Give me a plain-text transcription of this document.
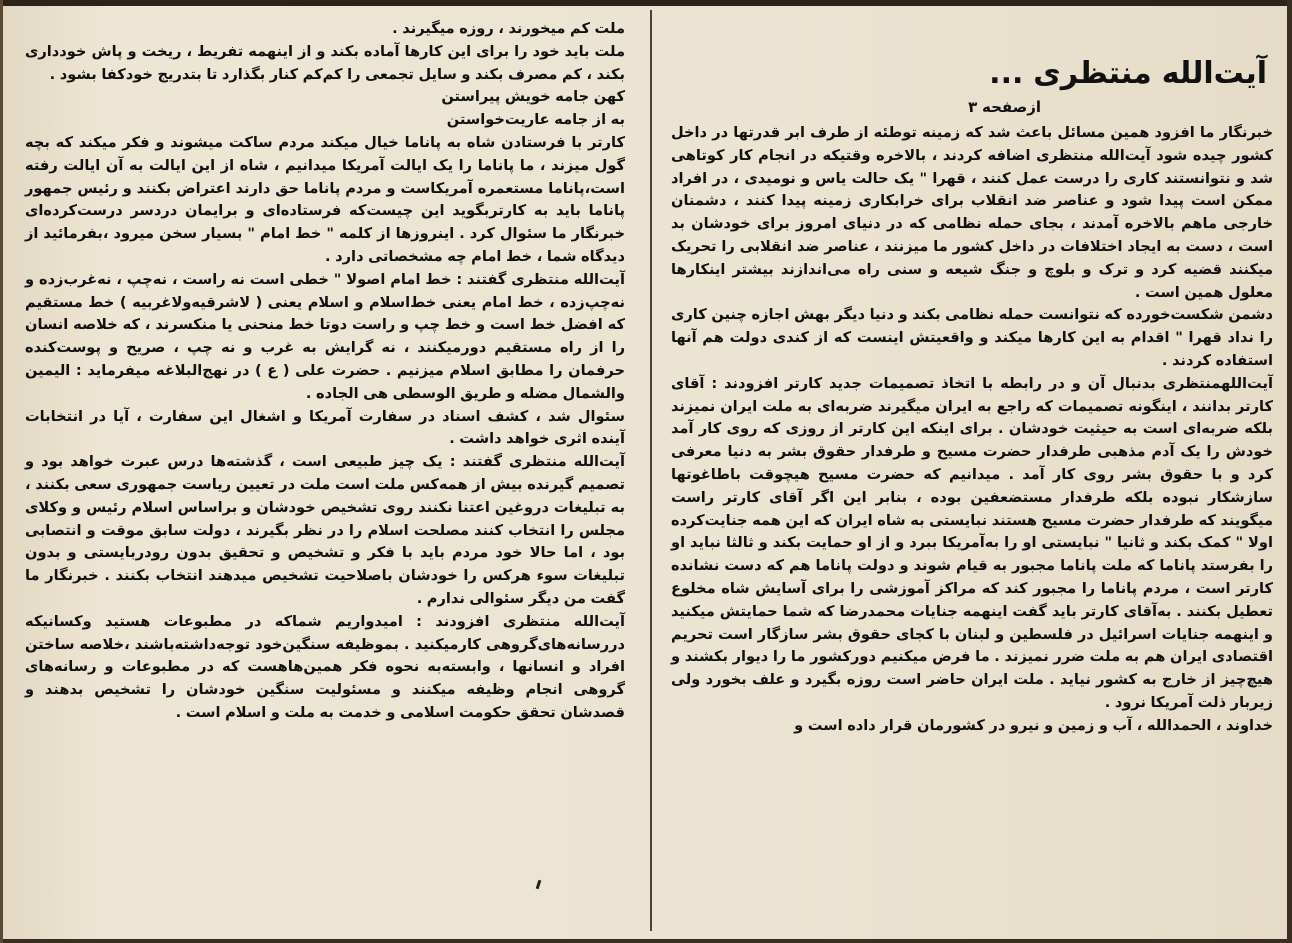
آیت‌الله منتظری ...
ازصفحه ۳

خبرنگار ما افزود همین مسائل باعث شد که زمینه توطئه از طرف ابر قدرتها در داخل کشور چیده شود آیت‌الله منتظری اضافه کردند ، بالاخره وقتیکه در انجام کار کوتاهی شد و نتوانستند کاری را درست عمل کنند ، قهرا " یک حالت یاس و نومیدی ، در افراد ممکن است پیدا شود و عناصر ضد انقلاب برای خرابکاری زمینه پیدا کنند ، دشمنان خارجی ماهم بالاخره آمدند ، بجای حمله نظامی که در دنیای امروز برای خودشان بد است ، دست به ایجاد اختلافات در داخل کشور ما میزنند ، عناصر ضد انقلابی را تحریک میکنند قضیه کرد و ترک و بلوچ و جنگ شیعه و سنی راه می‌اندازند بیشتر اینکارها معلول همین است .

دشمن شکست‌خورده که نتوانست حمله نظامی بکند و دنیا دیگر بهش اجازه چنین کاری را نداد قهرا " اقدام به این کارها میکند و واقعیتش اینست که از کندی دولت هم آنها استفاده کردند .

آیت‌اللهمنتظری بدنبال آن و در رابطه با اتخاذ تصمیمات جدید کارتر افزودند : آقای کارتر بدانند ، اینگونه تصمیمات که راجع به ایران میگیرند ضربه‌ای به ملت ایران نمیزند بلکه ضربه‌ای است به حیثیت خودشان . برای اینکه این کارتر از روزی که روی کار آمد خودش را یک آدم مذهبی طرفدار حضرت مسیح و طرفدار حقوق بشر به دنیا معرفی کرد و با حقوق بشر روی کار آمد . میدانیم که حضرت مسیح هیچوقت باطاغوتها سازشکار نبوده بلکه طرفدار مستضعفین بوده ، بنابر این اگر آقای کارتر راست میگویند که طرفدار حضرت مسیح هستند نبایستی به شاه ایران که این همه جنایت‌کرده اولا " کمک بکند و ثانیا " نبایستی او را به‌آمریکا ببرد و از او حمایت بکند و ثالثا نباید او را بفرستد پاناما که ملت پاناما مجبور به قیام شوند و دولت پاناما هم که دست نشانده کارتر است ، مردم پاناما را مجبور کند که مراکز آموزشی را برای آسایش شاه مخلوع تعطیل بکنند . به‌آقای کارتر باید گفت اینهمه جنایات محمدرضا که شما حمایتش میکنید و اینهمه جنایات اسرائیل در فلسطین و لبنان با کجای حقوق بشر سازگار است تحریم اقتصادی ایران هم به ملت ضرر نمیزند . ما فرض میکنیم دورکشور ما را دیوار بکشند و هیچ‌چیز از خارج به کشور نیاید . ملت ایران حاضر است روزه بگیرد و علف بخورد ولی زیربار ذلت آمریکا نرود .

خداوند ، الحمدالله ، آب و زمین و نیرو در کشورمان قرار داده است و

ملت کم میخورند ، روزه میگیرند .

ملت باید خود را برای این کارها آماده بکند و از اینهمه تفریط ، ریخت و پاش خودداری بکند ، کم مصرف بکند و سایل تجمعی را کم‌کم کنار بگذارد تا بتدریج خودکفا بشود .

کهن جامه خویش پیراستن

به از جامه عاریت‌خواستن

کارتر با فرستادن شاه به پاناما خیال میکند مردم ساکت میشوند و فکر میکند که بچه گول میزند ، ما پاناما را یک ایالت آمریکا میدانیم ، شاه از این ایالت به آن ایالت رفته است،پاناما مستعمره آمریکاست و مردم پاناما حق دارند اعتراض بکنند و رئیس جمهور پاناما باید به کارتربگوید این چیست‌که فرستاده‌ای و برایمان دردسر درست‌کرده‌ای خبرنگار ما سئوال کرد . اینروزها از کلمه " خط امام " بسیار سخن میرود ،بفرمائید از دیدگاه شما ، خط امام چه مشخصاتی دارد .

آیت‌الله منتظری گفتند : خط امام اصولا " خطی است نه راست ، نه‌چپ ، نه‌غرب‌زده و نه‌چپ‌زده ، خط امام یعنی خط‌اسلام و اسلام یعنی ( لاشرقیه‌ولاغربیه ) خط مستقیم که افضل خط است و خط چپ و راست دوتا خط منحنی یا منکسرند ، که خلاصه انسان را از راه مستقیم دورمیکنند ، نه گرایش به غرب و نه چپ ، صریح و پوست‌کنده حرفمان را مطابق اسلام میزنیم . حضرت علی ( ع ) در نهج‌البلاغه میفرماید : الیمین والشمال مضله و طریق الوسطی هی الجاده .

سئوال شد ، کشف اسناد در سفارت آمریکا و اشغال این سفارت ، آیا در انتخابات آینده اثری خواهد داشت .

آیت‌الله منتظری گفتند : یک چیز طبیعی است ، گذشته‌ها درس عبرت خواهد بود و تصمیم گیرنده بیش از همه‌کس ملت است ملت در تعیین ریاست جمهوری سعی بکنند ، به تبلیغات دروغین اعتنا نکنند روی تشخیص خودشان و براساس اسلام رئیس و وکلای مجلس را انتخاب کنند مصلحت اسلام را در نظر بگیرند ، دولت سابق موقت و انتصابی بود ، اما حالا خود مردم باید با فکر و تشخیص و تحقیق بدون رودربایستی و بدون تبلیغات سوء هرکس را خودشان باصلاحیت تشخیص میدهند انتخاب بکنند . خبرنگار ما گفت من دیگر سئوالی ندارم .

آیت‌الله منتظری افزودند : امیدواریم شماکه در مطبوعات هستید وکسانیکه دررسانه‌های‌گروهی کارمیکنید . بموظیفه سنگین‌خود توجه‌داشته‌باشند ،خلاصه ساختن افراد و انسانها ، وابسته‌به نحوه فکر همین‌هاهست که در مطبوعات و رسانه‌های گروهی انجام وظیفه میکنند و مسئولیت سنگین خودشان را تشخیص بدهند و قصدشان تحقق حکومت اسلامی و خدمت به ملت و اسلام است .
